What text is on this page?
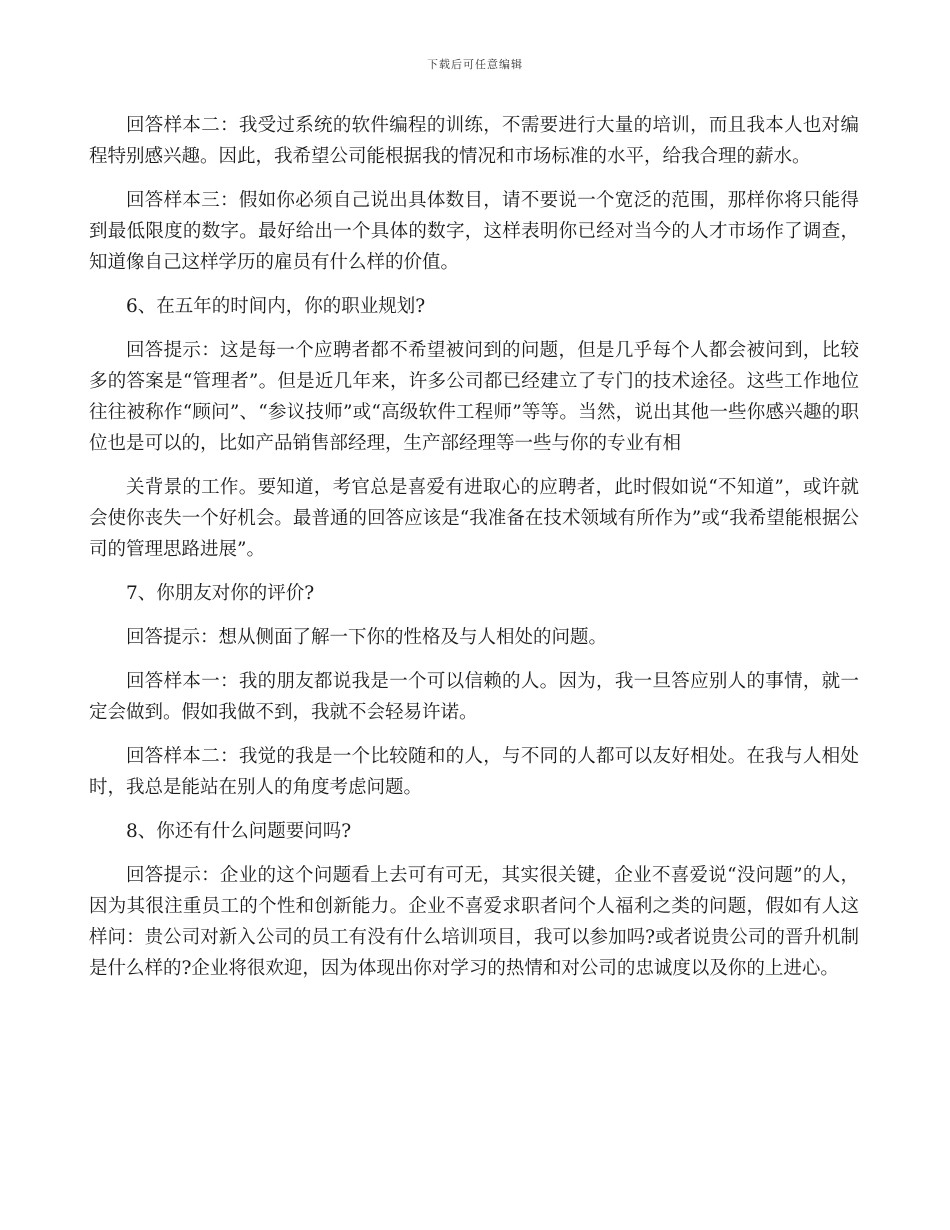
下载后可任意编辑

回答样本二：我受过系统的软件编程的训练，不需要进行大量的培训，而且我本人也对编程特别感兴趣。因此，我希望公司能根据我的情况和市场标准的水平，给我合理的薪水。

回答样本三：假如你必须自己说出具体数目，请不要说一个宽泛的范围，那样你将只能得到最低限度的数字。最好给出一个具体的数字，这样表明你已经对当今的人才市场作了调查，知道像自己这样学历的雇员有什么样的价值。

6、在五年的时间内，你的职业规划?

回答提示：这是每一个应聘者都不希望被问到的问题，但是几乎每个人都会被问到，比较多的答案是“管理者”。但是近几年来，许多公司都已经建立了专门的技术途径。这些工作地位往往被称作“顾问”、“参议技师”或“高级软件工程师”等等。当然，说出其他一些你感兴趣的职位也是可以的，比如产品销售部经理，生产部经理等一些与你的专业有相

关背景的工作。要知道，考官总是喜爱有进取心的应聘者，此时假如说“不知道”，或许就会使你丧失一个好机会。最普通的回答应该是“我准备在技术领域有所作为”或“我希望能根据公司的管理思路进展”。

7、你朋友对你的评价?

回答提示：想从侧面了解一下你的性格及与人相处的问题。

回答样本一：我的朋友都说我是一个可以信赖的人。因为，我一旦答应别人的事情，就一定会做到。假如我做不到，我就不会轻易许诺。

回答样本二：我觉的我是一个比较随和的人，与不同的人都可以友好相处。在我与人相处时，我总是能站在别人的角度考虑问题。

8、你还有什么问题要问吗?

回答提示：企业的这个问题看上去可有可无，其实很关键，企业不喜爱说“没问题”的人，因为其很注重员工的个性和创新能力。企业不喜爱求职者问个人福利之类的问题，假如有人这样问：贵公司对新入公司的员工有没有什么培训项目，我可以参加吗?或者说贵公司的晋升机制是什么样的?企业将很欢迎，因为体现出你对学习的热情和对公司的忠诚度以及你的上进心。
